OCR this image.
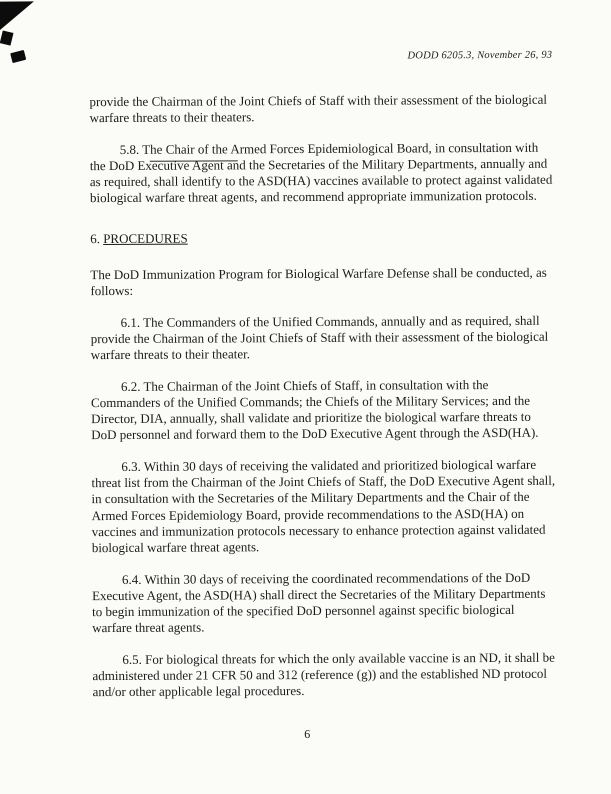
DODD 6205.3, November 26, 93

provide the Chairman of the Joint Chiefs of Staff with their assessment of the biological warfare threats to their theaters.

5.8. The Chair of the Armed Forces Epidemiological Board, in consultation with the DoD Executive Agent and the Secretaries of the Military Departments, annually and as required, shall identify to the ASD(HA) vaccines available to protect against validated biological warfare threat agents, and recommend appropriate immunization protocols.

6. PROCEDURES

The DoD Immunization Program for Biological Warfare Defense shall be conducted, as follows:

6.1. The Commanders of the Unified Commands, annually and as required, shall provide the Chairman of the Joint Chiefs of Staff with their assessment of the biological warfare threats to their theater.

6.2. The Chairman of the Joint Chiefs of Staff, in consultation with the Commanders of the Unified Commands; the Chiefs of the Military Services; and the Director, DIA, annually, shall validate and prioritize the biological warfare threats to DoD personnel and forward them to the DoD Executive Agent through the ASD(HA).

6.3. Within 30 days of receiving the validated and prioritized biological warfare threat list from the Chairman of the Joint Chiefs of Staff, the DoD Executive Agent shall, in consultation with the Secretaries of the Military Departments and the Chair of the Armed Forces Epidemiology Board, provide recommendations to the ASD(HA) on vaccines and immunization protocols necessary to enhance protection against validated biological warfare threat agents.

6.4. Within 30 days of receiving the coordinated recommendations of the DoD Executive Agent, the ASD(HA) shall direct the Secretaries of the Military Departments to begin immunization of the specified DoD personnel against specific biological warfare threat agents.

6.5. For biological threats for which the only available vaccine is an ND, it shall be administered under 21 CFR 50 and 312 (reference (g)) and the established ND protocol and/or other applicable legal procedures.

6
